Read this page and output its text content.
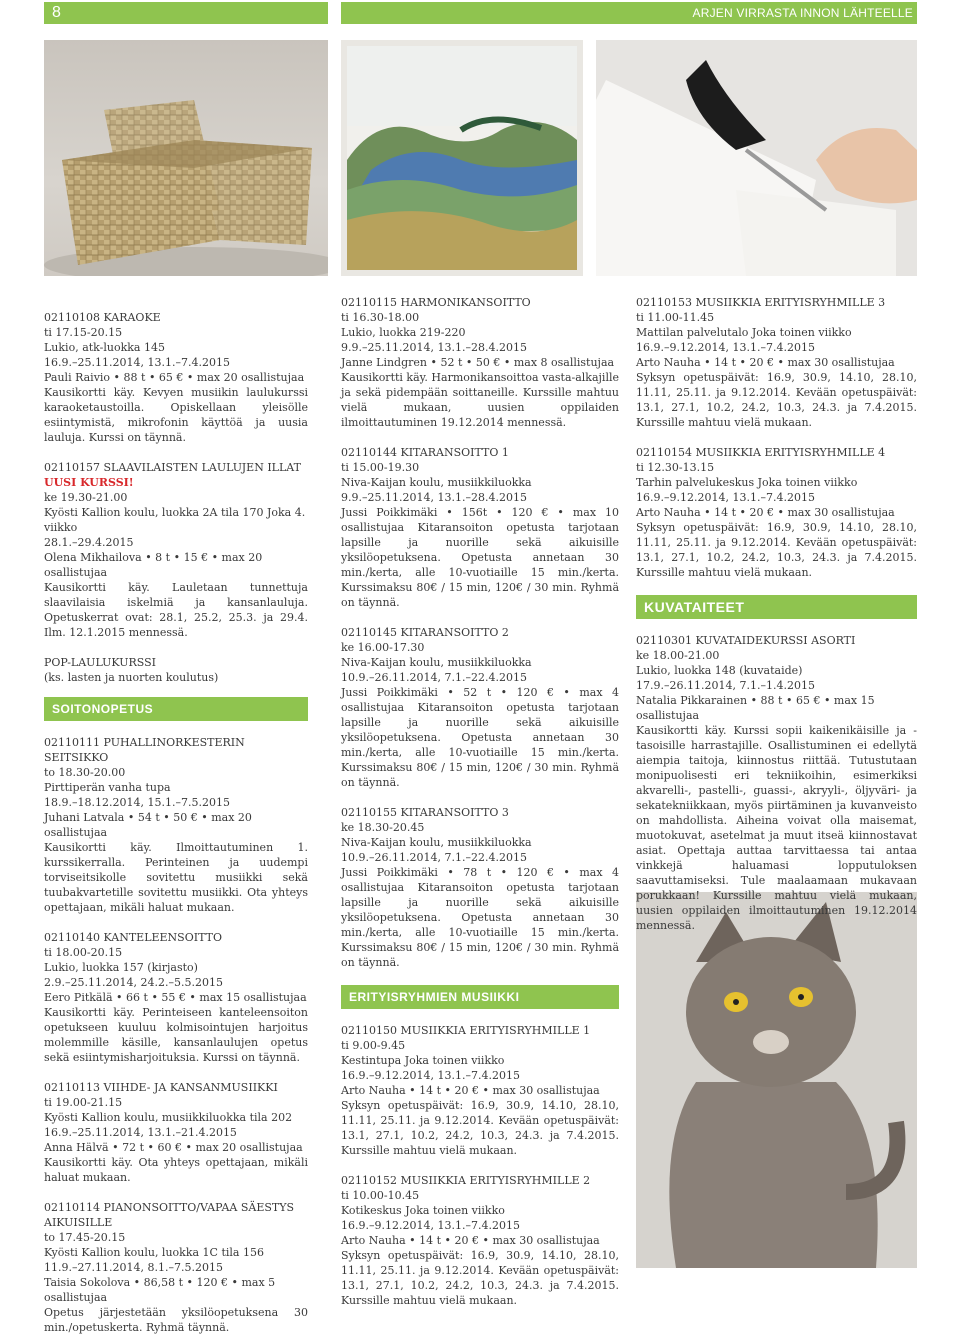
8	ARJEN VIRRASTA INNON LÄHTEELLE
02110108 KARAOKE
ti 17.15-20.15
Lukio, atk-luokka 145
16.9.–25.11.2014, 13.1.–7.4.2015
Pauli Raivio • 88 t • 65 € • max 20 osallistujaa
Kausikortti käy. Kevyen musiikin laulukurssi karaoketaustoilla. Opiskellaan yleisölle esiintymistä, mikrofonin käyttöä ja uusia lauluja. Kurssi on täynnä.
02110157 SLAAVILAISTEN LAULUJEN ILLAT
UUSI KURSSI!
ke 19.30-21.00
Kyösti Kallion koulu, luokka 2A tila 170 Joka 4. viikko
28.1.–29.4.2015
Olena Mikhailova • 8 t • 15 € • max 20 osallistujaa
Kausikortti käy. Lauletaan tunnettuja slaavilaisia iskelmiä ja kansanlauluja. Opetuskerrat ovat: 28.1, 25.2, 25.3. ja 29.4. Ilm. 12.1.2015 mennessä.
POP-LAULUKURSSI
(ks. lasten ja nuorten koulutus)
SOITONOPETUS
02110111 PUHALLINORKESTERIN SEITSIKKO
to 18.30-20.00
Pirttiperän vanha tupa
18.9.–18.12.2014, 15.1.–7.5.2015
Juhani Latvala • 54 t • 50 € • max 20 osallistujaa
Kausikortti käy. Ilmoittautuminen 1. kurssikerralla. Perinteinen ja uudempi torviseitsikolle sovitettu musiikki sekä tuubakvartetille sovitettu musiikki. Ota yhteys opettajaan, mikäli haluat mukaan.
02110140 KANTELEENSOITTO
ti 18.00-20.15
Lukio, luokka 157 (kirjasto)
2.9.–25.11.2014, 24.2.–5.5.2015
Eero Pitkälä • 66 t • 55 € • max 15 osallistujaa
Kausikortti käy. Perinteiseen kanteleensoiton opetukseen kuuluu kolmisointujen harjoitus molemmille käsille, kansanlaulujen opetus sekä esiintymisharjoituksia. Kurssi on täynnä.
02110113 VIIHDE- JA KANSANMUSIIKKI
ti 19.00-21.15
Kyösti Kallion koulu, musiikkiluokka tila 202
16.9.–25.11.2014, 13.1.–21.4.2015
Anna Hälvä • 72 t • 60 € • max 20 osallistujaa
Kausikortti käy. Ota yhteys opettajaan, mikäli haluat mukaan.
02110114 PIANONSOITTO/VAPAA SÄESTYS AIKUISILLE
to 17.45-20.15
Kyösti Kallion koulu, luokka 1C tila 156
11.9.–27.11.2014, 8.1.–7.5.2015
Taisia Sokolova • 86,58 t • 120 € • max 5 osallistujaa
Opetus järjestetään yksilöopetuksena 30 min./opetuskerta. Ryhmä täynnä.
02110115 HARMONIKANSOITTO
ti 16.30-18.00
Lukio, luokka 219-220
9.9.–25.11.2014, 13.1.–28.4.2015
Janne Lindgren • 52 t • 50 € • max 8 osallistujaa
Kausikortti käy. Harmonikansoittoa vasta-alkajille ja sekä pidempään soittaneille. Kurssille mahtuu vielä mukaan, uusien oppilaiden ilmoittautuminen 19.12.2014 mennessä.
02110144 KITARANSOITTO 1
ti 15.00-19.30
Niva-Kaijan koulu, musiikkiluokka
9.9.–25.11.2014, 13.1.–28.4.2015
Jussi Poikkimäki • 156t • 120 € • max 10 osallistujaa Kitaransoiton opetusta tarjotaan lapsille ja nuorille sekä aikuisille yksilöopetuksena. Opetusta annetaan 30 min./kerta, alle 10-vuotiaille 15 min./kerta. Kurssimaksu 80€ / 15 min, 120€ / 30 min. Ryhmä on täynnä.
02110145 KITARANSOITTO 2
ke 16.00-17.30
Niva-Kaijan koulu, musiikkiluokka
10.9.–26.11.2014, 7.1.–22.4.2015
Jussi Poikkimäki • 52 t • 120 € • max 4 osallistujaa Kitaransoiton opetusta tarjotaan lapsille ja nuorille sekä aikuisille yksilöopetuksena. Opetusta annetaan 30 min./kerta, alle 10-vuotiaille 15 min./kerta. Kurssimaksu 80€ / 15 min, 120€ / 30 min. Ryhmä on täynnä.
02110155 KITARANSOITTO 3
ke 18.30-20.45
Niva-Kaijan koulu, musiikkiluokka
10.9.–26.11.2014, 7.1.–22.4.2015
Jussi Poikkimäki • 78 t • 120 € • max 4 osallistujaa Kitaransoiton opetusta tarjotaan lapsille ja nuorille sekä aikuisille yksilöopetuksena. Opetusta annetaan 30 min./kerta, alle 10-vuotiaille 15 min./kerta. Kurssimaksu 80€ / 15 min, 120€ / 30 min. Ryhmä on täynnä.
ERITYISRYHMIEN MUSIIKKI
02110150 MUSIIKKIA ERITYISRYHMILLE 1
ti 9.00-9.45
Kestintupa Joka toinen viikko
16.9.–9.12.2014, 13.1.–7.4.2015
Arto Nauha • 14 t • 20 € • max 30 osallistujaa
Syksyn opetuspäivät: 16.9, 30.9, 14.10, 28.10, 11.11, 25.11. ja 9.12.2014. Kevään opetuspäivät: 13.1, 27.1, 10.2, 24.2, 10.3, 24.3. ja 7.4.2015. Kurssille mahtuu vielä mukaan.
02110152 MUSIIKKIA ERITYISRYHMILLE 2
ti 10.00-10.45
Kotikeskus Joka toinen viikko
16.9.–9.12.2014, 13.1.–7.4.2015
Arto Nauha • 14 t • 20 € • max 30 osallistujaa
Syksyn opetuspäivät: 16.9, 30.9, 14.10, 28.10, 11.11, 25.11. ja 9.12.2014. Kevään opetuspäivät: 13.1, 27.1, 10.2, 24.2, 10.3, 24.3. ja 7.4.2015. Kurssille mahtuu vielä mukaan.
02110153 MUSIIKKIA ERITYISRYHMILLE 3
ti 11.00-11.45
Mattilan palvelutalo Joka toinen viikko
16.9.–9.12.2014, 13.1.–7.4.2015
Arto Nauha • 14 t • 20 € • max 30 osallistujaa
Syksyn opetuspäivät: 16.9, 30.9, 14.10, 28.10, 11.11, 25.11. ja 9.12.2014. Kevään opetuspäivät: 13.1, 27.1, 10.2, 24.2, 10.3, 24.3. ja 7.4.2015. Kurssille mahtuu vielä mukaan.
02110154 MUSIIKKIA ERITYISRYHMILLE 4
ti 12.30-13.15
Tarhin palvelukeskus Joka toinen viikko
16.9.–9.12.2014, 13.1.–7.4.2015
Arto Nauha • 14 t • 20 € • max 30 osallistujaa
Syksyn opetuspäivät: 16.9, 30.9, 14.10, 28.10, 11.11, 25.11. ja 9.12.2014. Kevään opetuspäivät: 13.1, 27.1, 10.2, 24.2, 10.3, 24.3. ja 7.4.2015. Kurssille mahtuu vielä mukaan.
KUVATAITEET
02110301 KUVATAIDEKURSSI ASORTI
ke 18.00-21.00
Lukio, luokka 148 (kuvataide)
17.9.–26.11.2014, 7.1.–1.4.2015
Natalia Pikkarainen • 88 t • 65 € • max 15 osallistujaa
Kausikortti käy. Kurssi sopii kaikenikäisille ja -tasoisille harrastajille. Osallistuminen ei edellytä aiempia taitoja, kiinnostus riittää. Tutustutaan monipuolisesti eri tekniikoihin, esimerkiksi akvarelli-, pastelli-, guassi-, akryyli-, öljyväri- ja sekatekniikkaan, myös piirtäminen ja kuvanveisto on mahdollista. Aiheina voivat olla maisemat, muotokuvat, asetelmat ja muut itseä kiinnostavat asiat. Opettaja auttaa tarvittaessa tai antaa vinkkejä haluamasi lopputuloksen saavuttamiseksi. Tule maalaamaan mukavaan porukkaan! Kurssille mahtuu vielä mukaan, uusien oppilaiden ilmoittautuminen 19.12.2014 mennessä.
